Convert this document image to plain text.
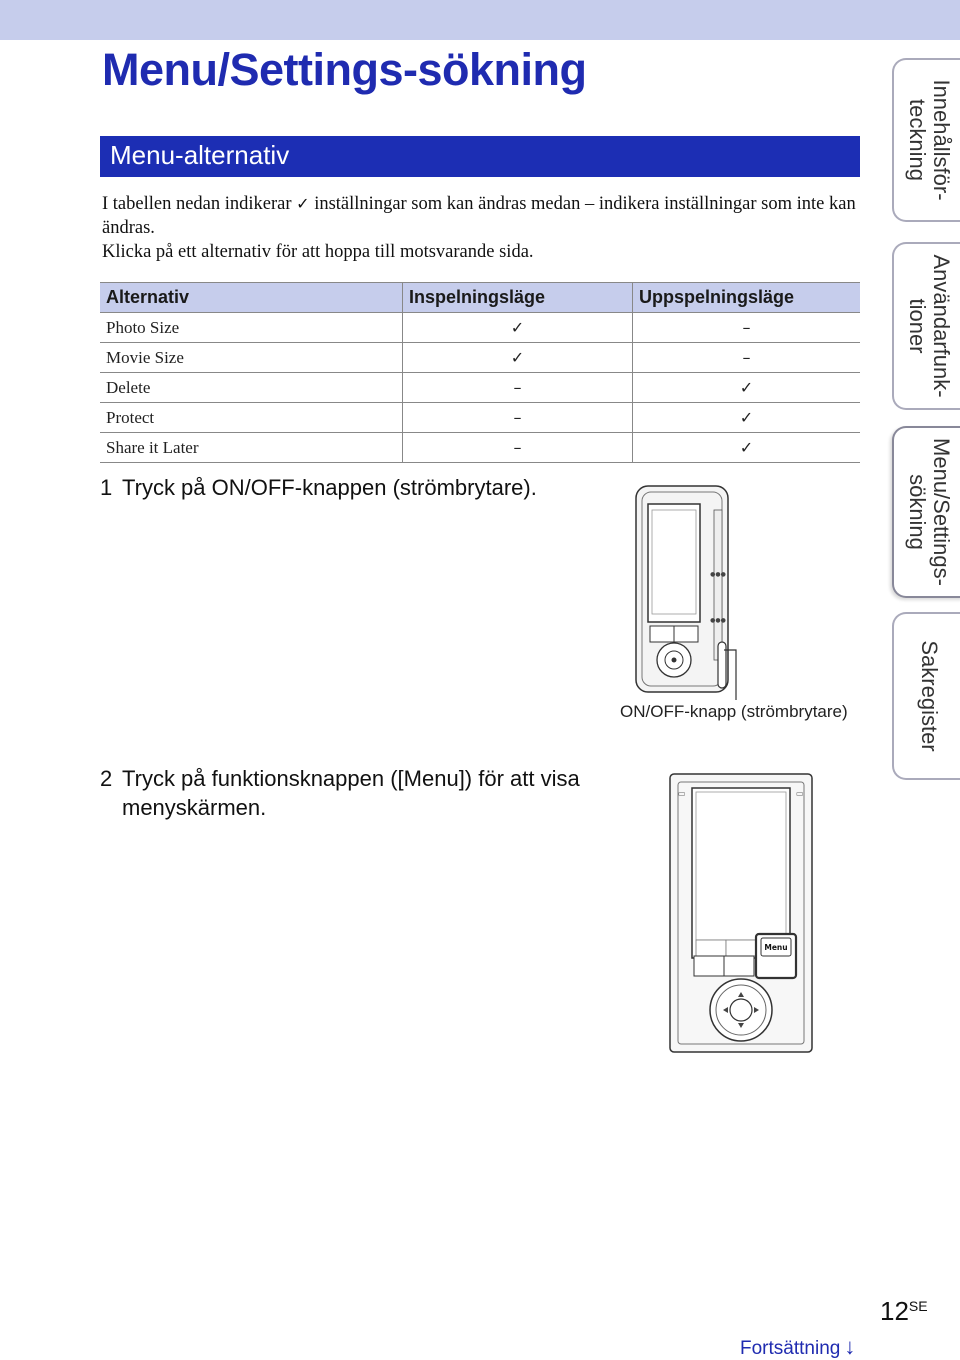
Menu/Settings-sökning
Menu-alternativ

I tabellen nedan indikerar ✓ inställningar som kan ändras medan – indikera inställningar som inte kan ändras.

Klicka på ett alternativ för att hoppa till motsvarande sida.

Alternativ	Inspelningsläge	Uppspelningsläge
Photo Size	✓	–
Movie Size	✓	–
Delete	–	✓
Protect	–	✓
Share it Later	–	✓
1 Tryck på ON/OFF-knappen (strömbrytare).
●●●
●●●
ON/OFF-knapp (strömbrytare)
2 Tryck på funktionsknappen ([Menu]) för att visa
menyskärmen.
Menu
▭	▭
Innehållsför-
teckning
Användarfunk-
tioner
Menu/Settings-
sökning
Sakregister
$12^{SE}$
Fortsättning ↓
